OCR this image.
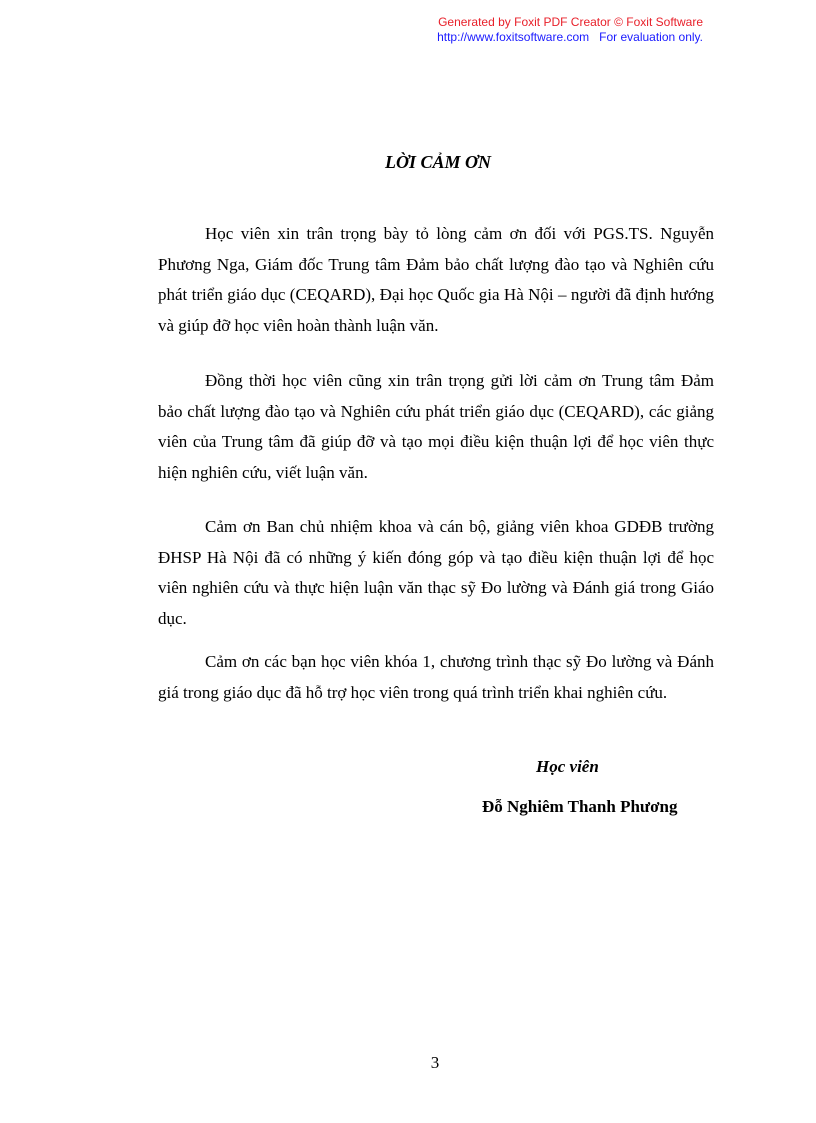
Generated by Foxit PDF Creator © Foxit Software
http://www.foxitsoftware.com For evaluation only.
LỜI CẢM ƠN

Học viên xin trân trọng bày tỏ lòng cảm ơn đối với PGS.TS. Nguyễn Phương Nga, Giám đốc Trung tâm Đảm bảo chất lượng đào tạo và Nghiên cứu phát triển giáo dục (CEQARD), Đại học Quốc gia Hà Nội – người đã định hướng và giúp đỡ học viên hoàn thành luận văn.

Đồng thời học viên cũng xin trân trọng gửi lời cảm ơn Trung tâm Đảm bảo chất lượng đào tạo và Nghiên cứu phát triển giáo dục (CEQARD), các giảng viên của Trung tâm đã giúp đỡ và tạo mọi điều kiện thuận lợi để học viên thực hiện nghiên cứu, viết luận văn.

Cảm ơn Ban chủ nhiệm khoa và cán bộ, giảng viên khoa GDĐB trường ĐHSP Hà Nội đã có những ý kiến đóng góp và tạo điều kiện thuận lợi để học viên nghiên cứu và thực hiện luận văn thạc sỹ Đo lường và Đánh giá trong Giáo dục.

Cảm ơn các bạn học viên khóa 1, chương trình thạc sỹ Đo lường và Đánh giá trong giáo dục đã hỗ trợ học viên trong quá trình triển khai nghiên cứu.

Học viên
Đỗ Nghiêm Thanh Phương
3
